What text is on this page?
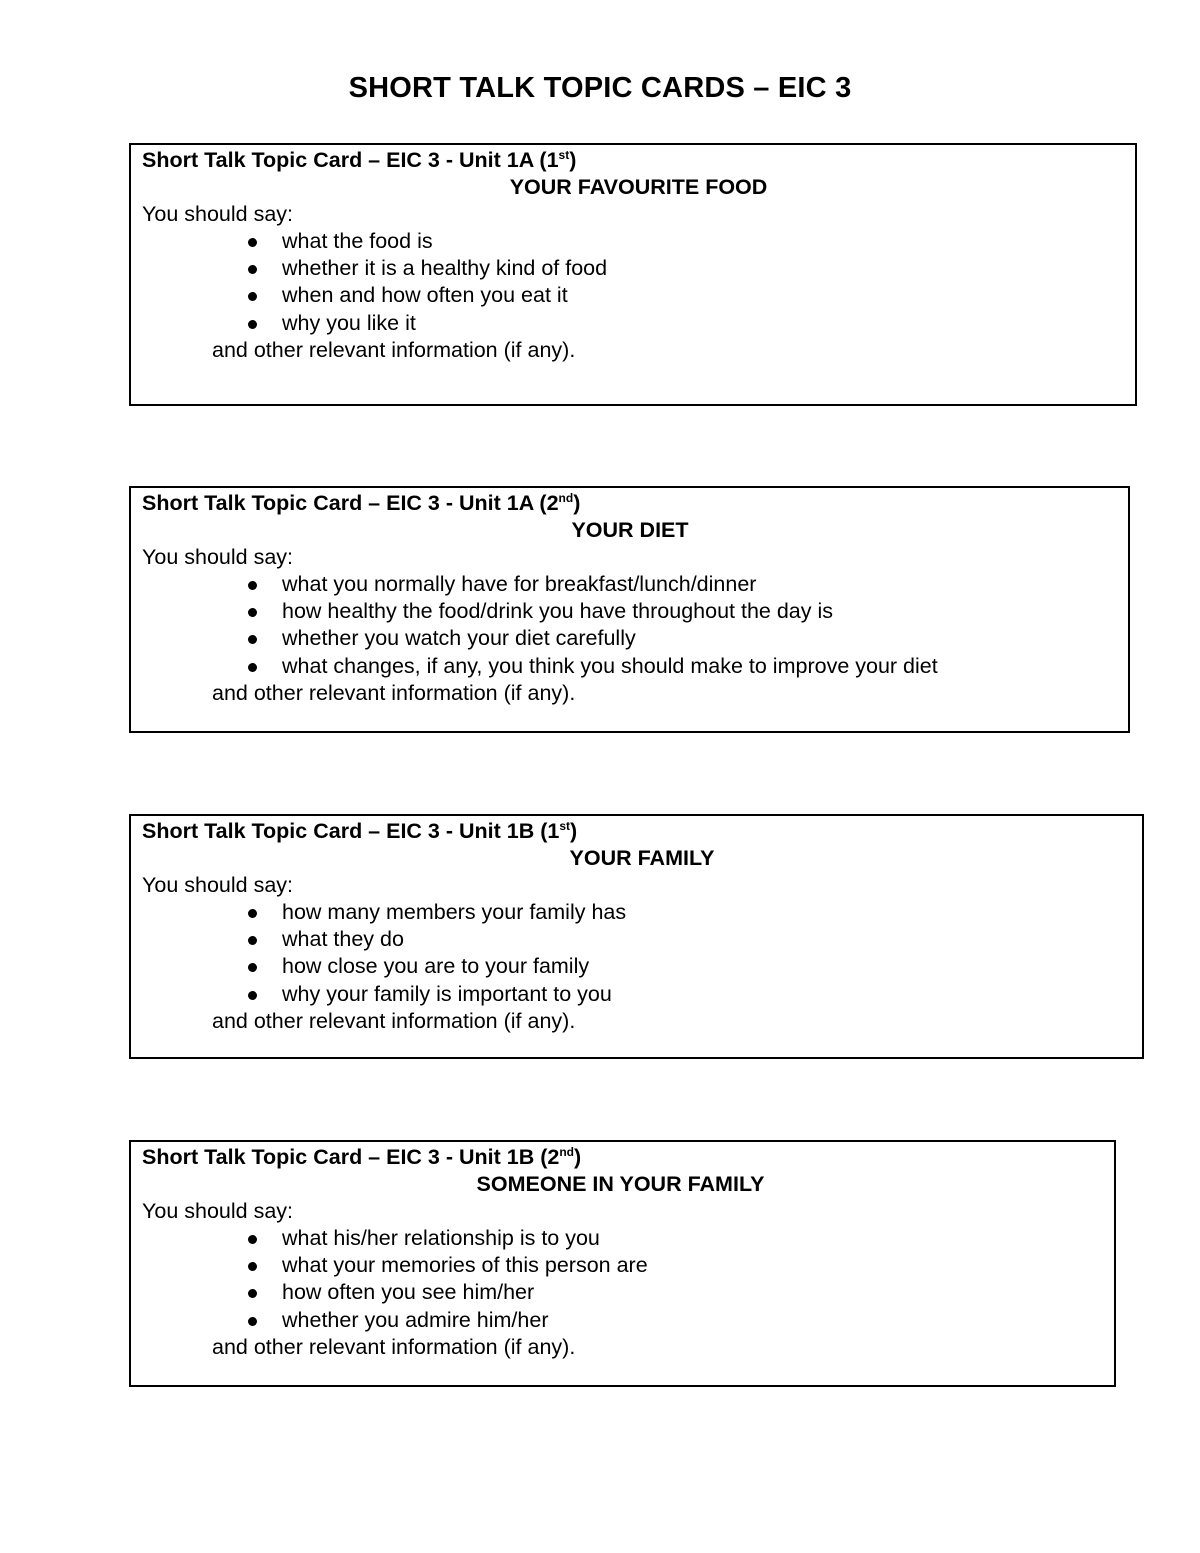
SHORT TALK TOPIC CARDS – EIC 3
Short Talk Topic Card – EIC 3 - Unit 1A (1st)
YOUR FAVOURITE FOOD
You should say:
what the food is
whether it is a healthy kind of food
when and how often you eat it
why you like it
and other relevant information (if any).
Short Talk Topic Card – EIC 3 - Unit 1A (2nd)
YOUR DIET
You should say:
what you normally have for breakfast/lunch/dinner
how healthy the food/drink you have throughout the day is
whether you watch your diet carefully
what changes, if any, you think you should make to improve your diet
and other relevant information (if any).
Short Talk Topic Card – EIC 3 - Unit 1B (1st)
YOUR FAMILY
You should say:
how many members your family has
what they do
how close you are to your family
why your family is important to you
and other relevant information (if any).
Short Talk Topic Card – EIC 3 - Unit 1B (2nd)
SOMEONE IN YOUR FAMILY
You should say:
what his/her relationship is to you
what your memories of this person are
how often you see him/her
whether you admire him/her
and other relevant information (if any).
